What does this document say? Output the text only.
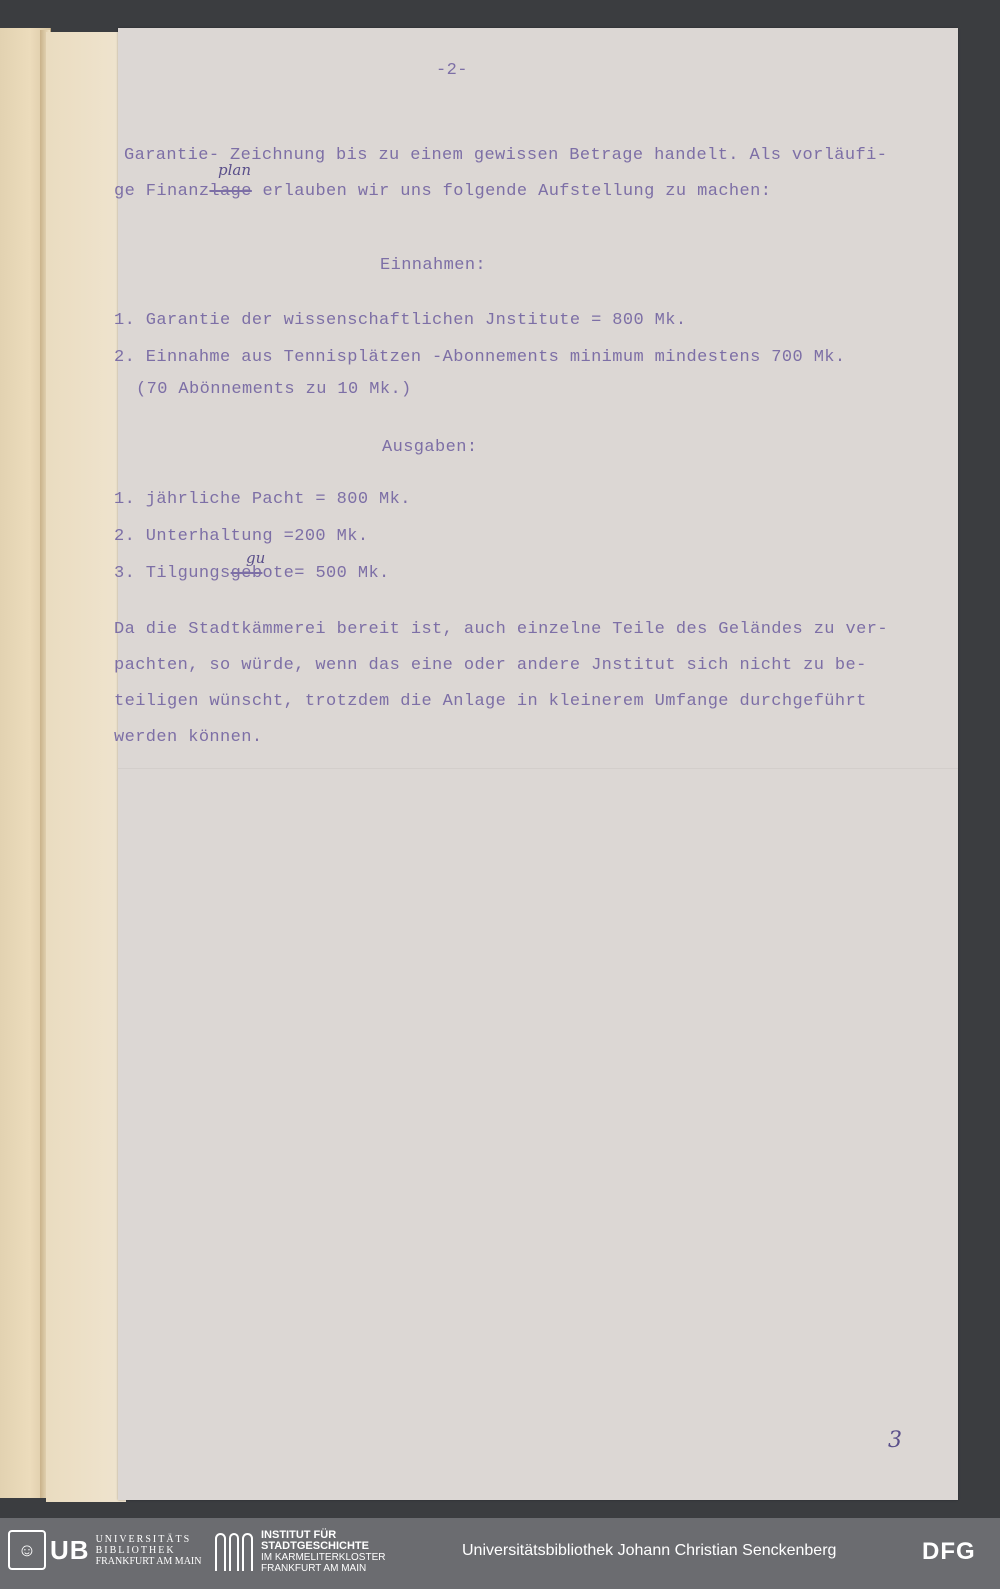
-2-
Garantie- Zeichnung bis zu einem gewissen Betrage handelt. Als vorläufi-
plan
ge Finanzlage erlauben wir uns folgende Aufstellung zu machen:
Einnahmen:
1. Garantie der wissenschaftlichen Jnstitute = 800 Mk.
2. Einnahme aus Tennisplätzen -Abonnements minimum mindestens 700 Mk.
(70 Abönnements zu 10 Mk.)
Ausgaben:
1. jährliche Pacht = 800 Mk.
2. Unterhaltung =200 Mk.
gu
3. Tilgungsgebote= 500 Mk.
Da die Stadtkämmerei bereit ist, auch einzelne Teile des Geländes zu ver-
pachten, so würde, wenn das eine oder andere Jnstitut sich nicht zu be-
teiligen wünscht, trotzdem die Anlage in kleinerem Umfange durchgeführt
werden können.
3
☺ UB UNIVERSITÄTS
BIBLIOTHEK
FRANKFURT AM MAIN
INSTITUT FÜR
STADTGESCHICHTE
IM KARMELITERKLOSTER
FRANKFURT AM MAIN
Universitätsbibliothek Johann Christian Senckenberg	DFG
